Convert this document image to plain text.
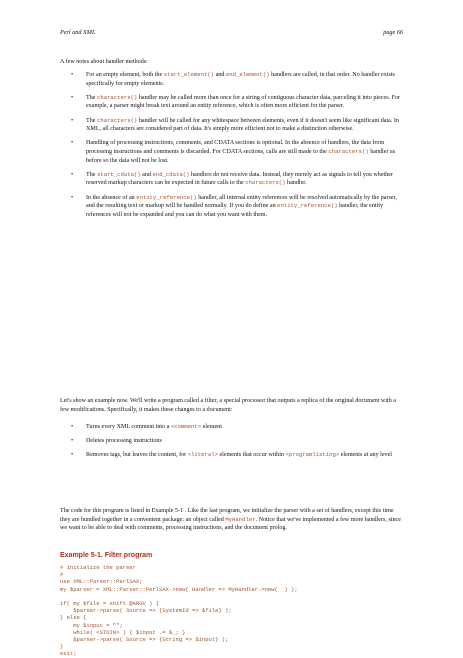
Perl and XML	page 66
A few notes about handler methods:
• For an empty element, both the start_element() and end_element() handlers are called, in that order. No handler exists specifically for empty elements.
• The characters() handler may be called more than once for a string of contiguous character data, parceling it into pieces. For example, a parser might break text around an entity reference, which is often more efficient for the parser.
• The characters() handler will be called for any whitespace between elements, even if it doesn't seem like significant data. In XML, all characters are considered part of data. It's simply more efficient not to make a distinction otherwise.
• Handling of processing instructions, comments, and CDATA sections is optional. In the absence of handlers, the data from processing instructions and comments is discarded. For CDATA sections, calls are still made to the characters() handler as before so the data will not be lost.
• The start_cdata() and end_cdata() handlers do not receive data. Instead, they merely act as signals to tell you whether reserved markup characters can be expected in future calls to the characters() handler.
• In the absence of an entity_reference() handler, all internal entity references will be resolved automatically by the parser, and the resulting text or markup will be handled normally. If you do define an entity_reference() handler, the entity references will not be expanded and you can do what you want with them.
Let's show an example now. We'll write a program called a filter, a special processor that outputs a replica of the original document with a few modifications. Specifically, it makes these changes to a document:
• Turns every XML comment into a <comment> element
• Deletes processing instructions
• Removes tags, but leaves the content, for <literal> elements that occur within <programlisting> elements at any level
The code for this program is listed in Example 5-1 . Like the last program, we initialize the parser with a set of handlers, except this time they are bundled together in a convenient package: an object called MyHandler. Notice that we've implemented a few more handlers, since we want to be able to deal with comments, processing instructions, and the document prolog.
Example 5-1. Filter program
# initialize the parser
#
use XML::Parser::PerlSAX;
my $parser = XML::Parser::PerlSAX->new( Handler => MyHandler->new(  ) );

if( my $file = shift @ARGV ) {
$parser->parse( Source => {SystemId => $file} );
} else {
my $input = "";
while( <STDIN> ) { $input .= $_; }
$parser->parse( Source => {String => $input} );
}
exit;
